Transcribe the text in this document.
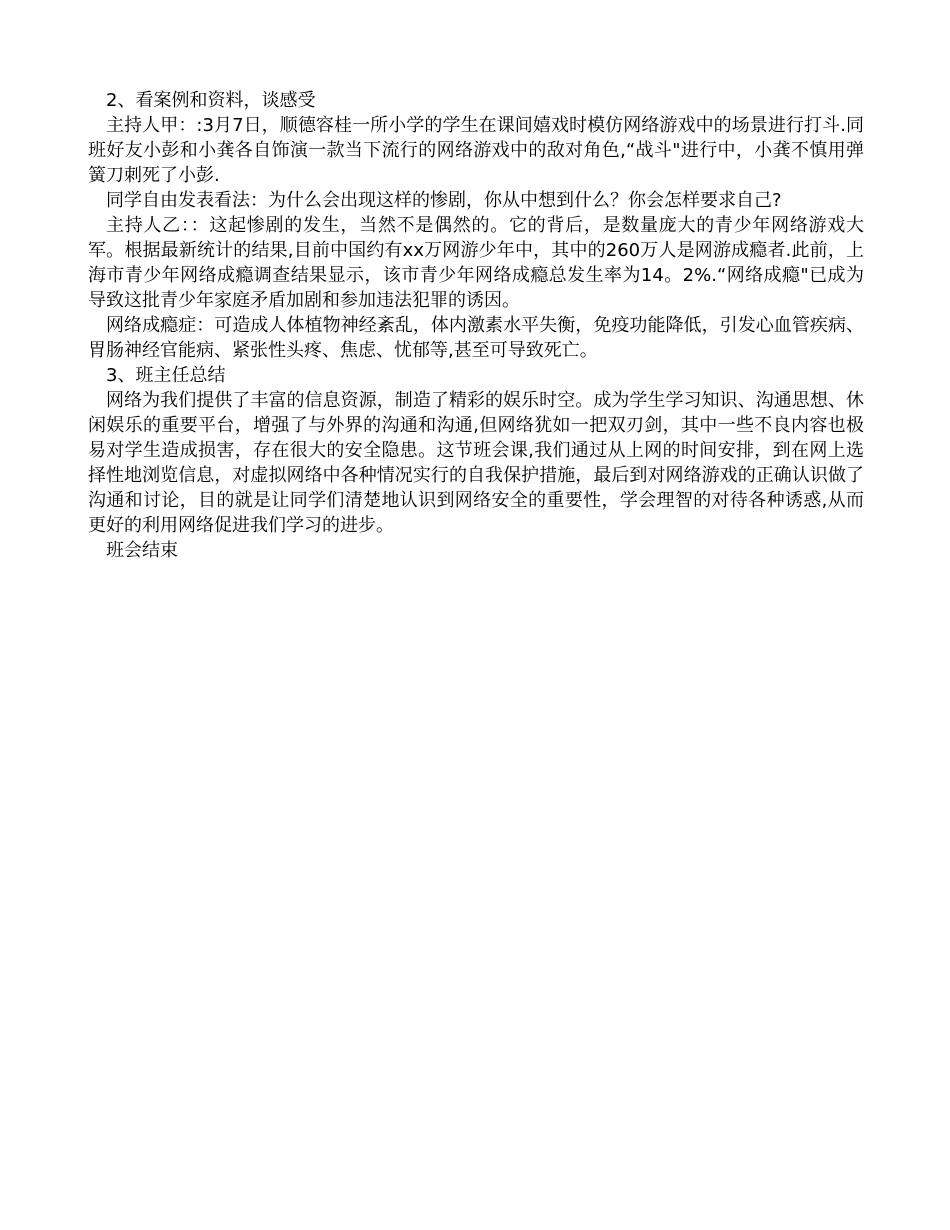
2、看案例和资料，谈感受

主持人甲：:3月7日，顺德容桂一所小学的学生在课间嬉戏时模仿网络游戏中的场景进行打斗.同班好友小彭和小龚各自饰演一款当下流行的网络游戏中的敌对角色,“战斗"进行中，小龚不慎用弹簧刀刺死了小彭.

同学自由发表看法：为什么会出现这样的惨剧，你从中想到什么？你会怎样要求自己?

主持人乙：：这起惨剧的发生，当然不是偶然的。它的背后，是数量庞大的青少年网络游戏大军。根据最新统计的结果,目前中国约有xx万网游少年中，其中的260万人是网游成瘾者.此前，上海市青少年网络成瘾调查结果显示，该市青少年网络成瘾总发生率为14。2%.“网络成瘾"已成为导致这批青少年家庭矛盾加剧和参加违法犯罪的诱因。

网络成瘾症：可造成人体植物神经紊乱，体内激素水平失衡，免疫功能降低，引发心血管疾病、胃肠神经官能病、紧张性头疼、焦虑、忧郁等,甚至可导致死亡。

3、班主任总结

网络为我们提供了丰富的信息资源，制造了精彩的娱乐时空。成为学生学习知识、沟通思想、休闲娱乐的重要平台，增强了与外界的沟通和沟通,但网络犹如一把双刃剑，其中一些不良内容也极易对学生造成损害，存在很大的安全隐患。这节班会课,我们通过从上网的时间安排，到在网上选择性地浏览信息，对虚拟网络中各种情况实行的自我保护措施，最后到对网络游戏的正确认识做了沟通和讨论，目的就是让同学们清楚地认识到网络安全的重要性，学会理智的对待各种诱惑,从而更好的利用网络促进我们学习的进步。

班会结束
